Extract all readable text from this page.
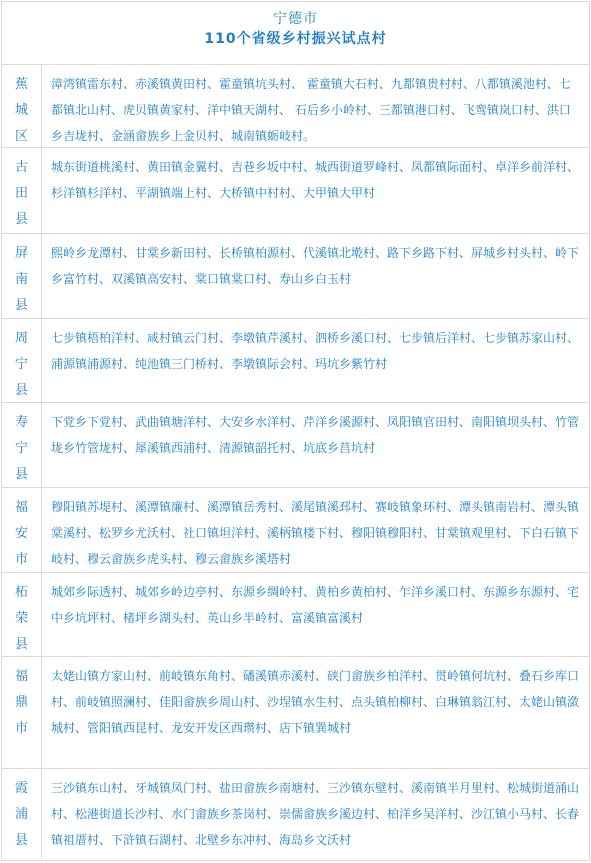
宁德市
110个省级乡村振兴试点村
蕉
城
区
漳湾镇雷东村、赤溪镇黄田村、霍童镇坑头村、 霍童镇大石村、九都镇贵村村、八都镇溪池村、七都镇北山村、虎贝镇黄家村、洋中镇天湖村、 石后乡小岭村、三都镇港口村、飞鸾镇岚口村、洪口乡吉垅村、金涵畲族乡上金贝村、城南镇蛎岐村。
古
田
县
城东街道桃溪村、黄田镇金翼村、吉巷乡坂中村、城西街道罗峰村、凤都镇际面村、卓洋乡前洋村、杉洋镇杉洋村、平湖镇端上村、大桥镇中村村、大甲镇大甲村
屏
南
县
熙岭乡龙潭村、甘棠乡新田村、长桥镇柏源村、代溪镇北墘村、路下乡路下村、屏城乡村头村、岭下乡富竹村、双溪镇高安村、棠口镇棠口村、寿山乡白玉村
周
宁
县
七步镇梧柏洋村、咸村镇云门村、李墩镇芹溪村、泗桥乡溪口村、七步镇后洋村、七步镇苏家山村、浦源镇浦源村、纯池镇三门桥村、李墩镇际会村、玛坑乡紫竹村
寿
宁
县
下党乡下党村、武曲镇塘洋村、大安乡水洋村、芹洋乡溪源村、凤阳镇官田村、南阳镇坝头村、竹管垅乡竹管垅村、犀溪镇西浦村、清源镇韶托村、坑底乡莒坑村
福
安
市
穆阳镇苏堤村、溪潭镇廉村、溪潭镇岳秀村、溪尾镇溪邳村、赛岐镇象环村、潭头镇南岩村、潭头镇棠溪村、松罗乡尤沃村、社口镇坦洋村、溪柄镇楼下村、穆阳镇穆阳村、甘棠镇观里村、下白石镇下岐村、穆云畲族乡虎头村、穆云畲族乡溪塔村
柘
荣
县
城郊乡际透村、城郊乡岭边亭村、东源乡绸岭村、黄柏乡黄柏村、乍洋乡溪口村、东源乡东源村、宅中乡坑坪村、楮坪乡湖头村、英山乡半岭村、富溪镇富溪村
福
鼎
市
太姥山镇方家山村、前岐镇东角村、磻溪镇赤溪村、硖门畲族乡柏洋村、贯岭镇何坑村、叠石乡库口村、前岐镇照澜村、佳阳畲族乡周山村、沙埕镇水生村、点头镇柏柳村、白琳镇翁江村、太姥山镇潋城村、管阳镇西昆村、龙安开发区西瓒村、店下镇巽城村
霞
浦
县
三沙镇东山村、牙城镇凤门村、盐田畲族乡南塘村、三沙镇东壁村、溪南镇半月里村、松城街道涌山村、松港街道长沙村、水门畲族乡茶岗村、崇儒畲族乡溪边村、柏洋乡吴洋村、沙江镇小马村、长春镇祖厝村、下浒镇石湖村、北壁乡东冲村、海岛乡文沃村
